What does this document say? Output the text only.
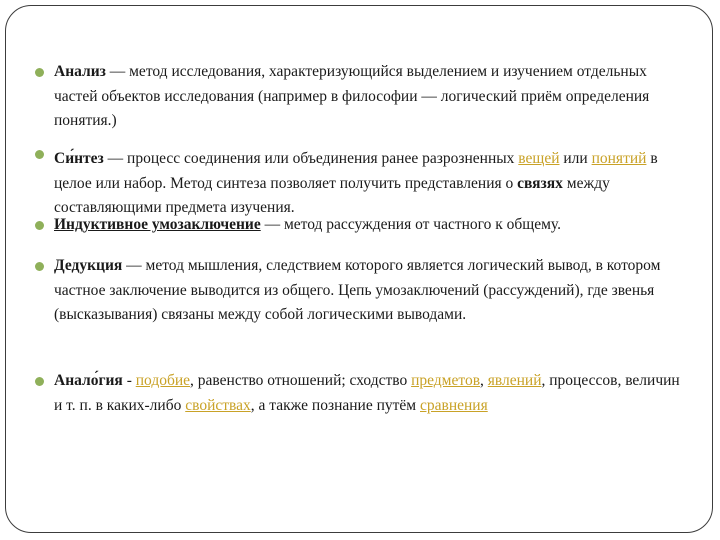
Анализ — метод исследования, характеризующийся выделением и изучением отдельных частей объектов исследования (например в философии — логический приём определения понятия.)
Си́нтез — процесс соединения или объединения ранее разрозненных вещей или понятий в целое или набор. Метод синтеза позволяет получить представления о связях между составляющими предмета изучения.
Индуктивное умозаключение — метод рассуждения от частного к общему.
Дедукция — метод мышления, следствием которого является логический вывод, в котором частное заключение выводится из общего. Цепь умозаключений (рассуждений), где звенья (высказывания) связаны между собой логическими выводами.
Анало́гия - подобие, равенство отношений; сходство предметов, явлений, процессов, величин и т. п. в каких-либо свойствах, а также познание путём сравнения
